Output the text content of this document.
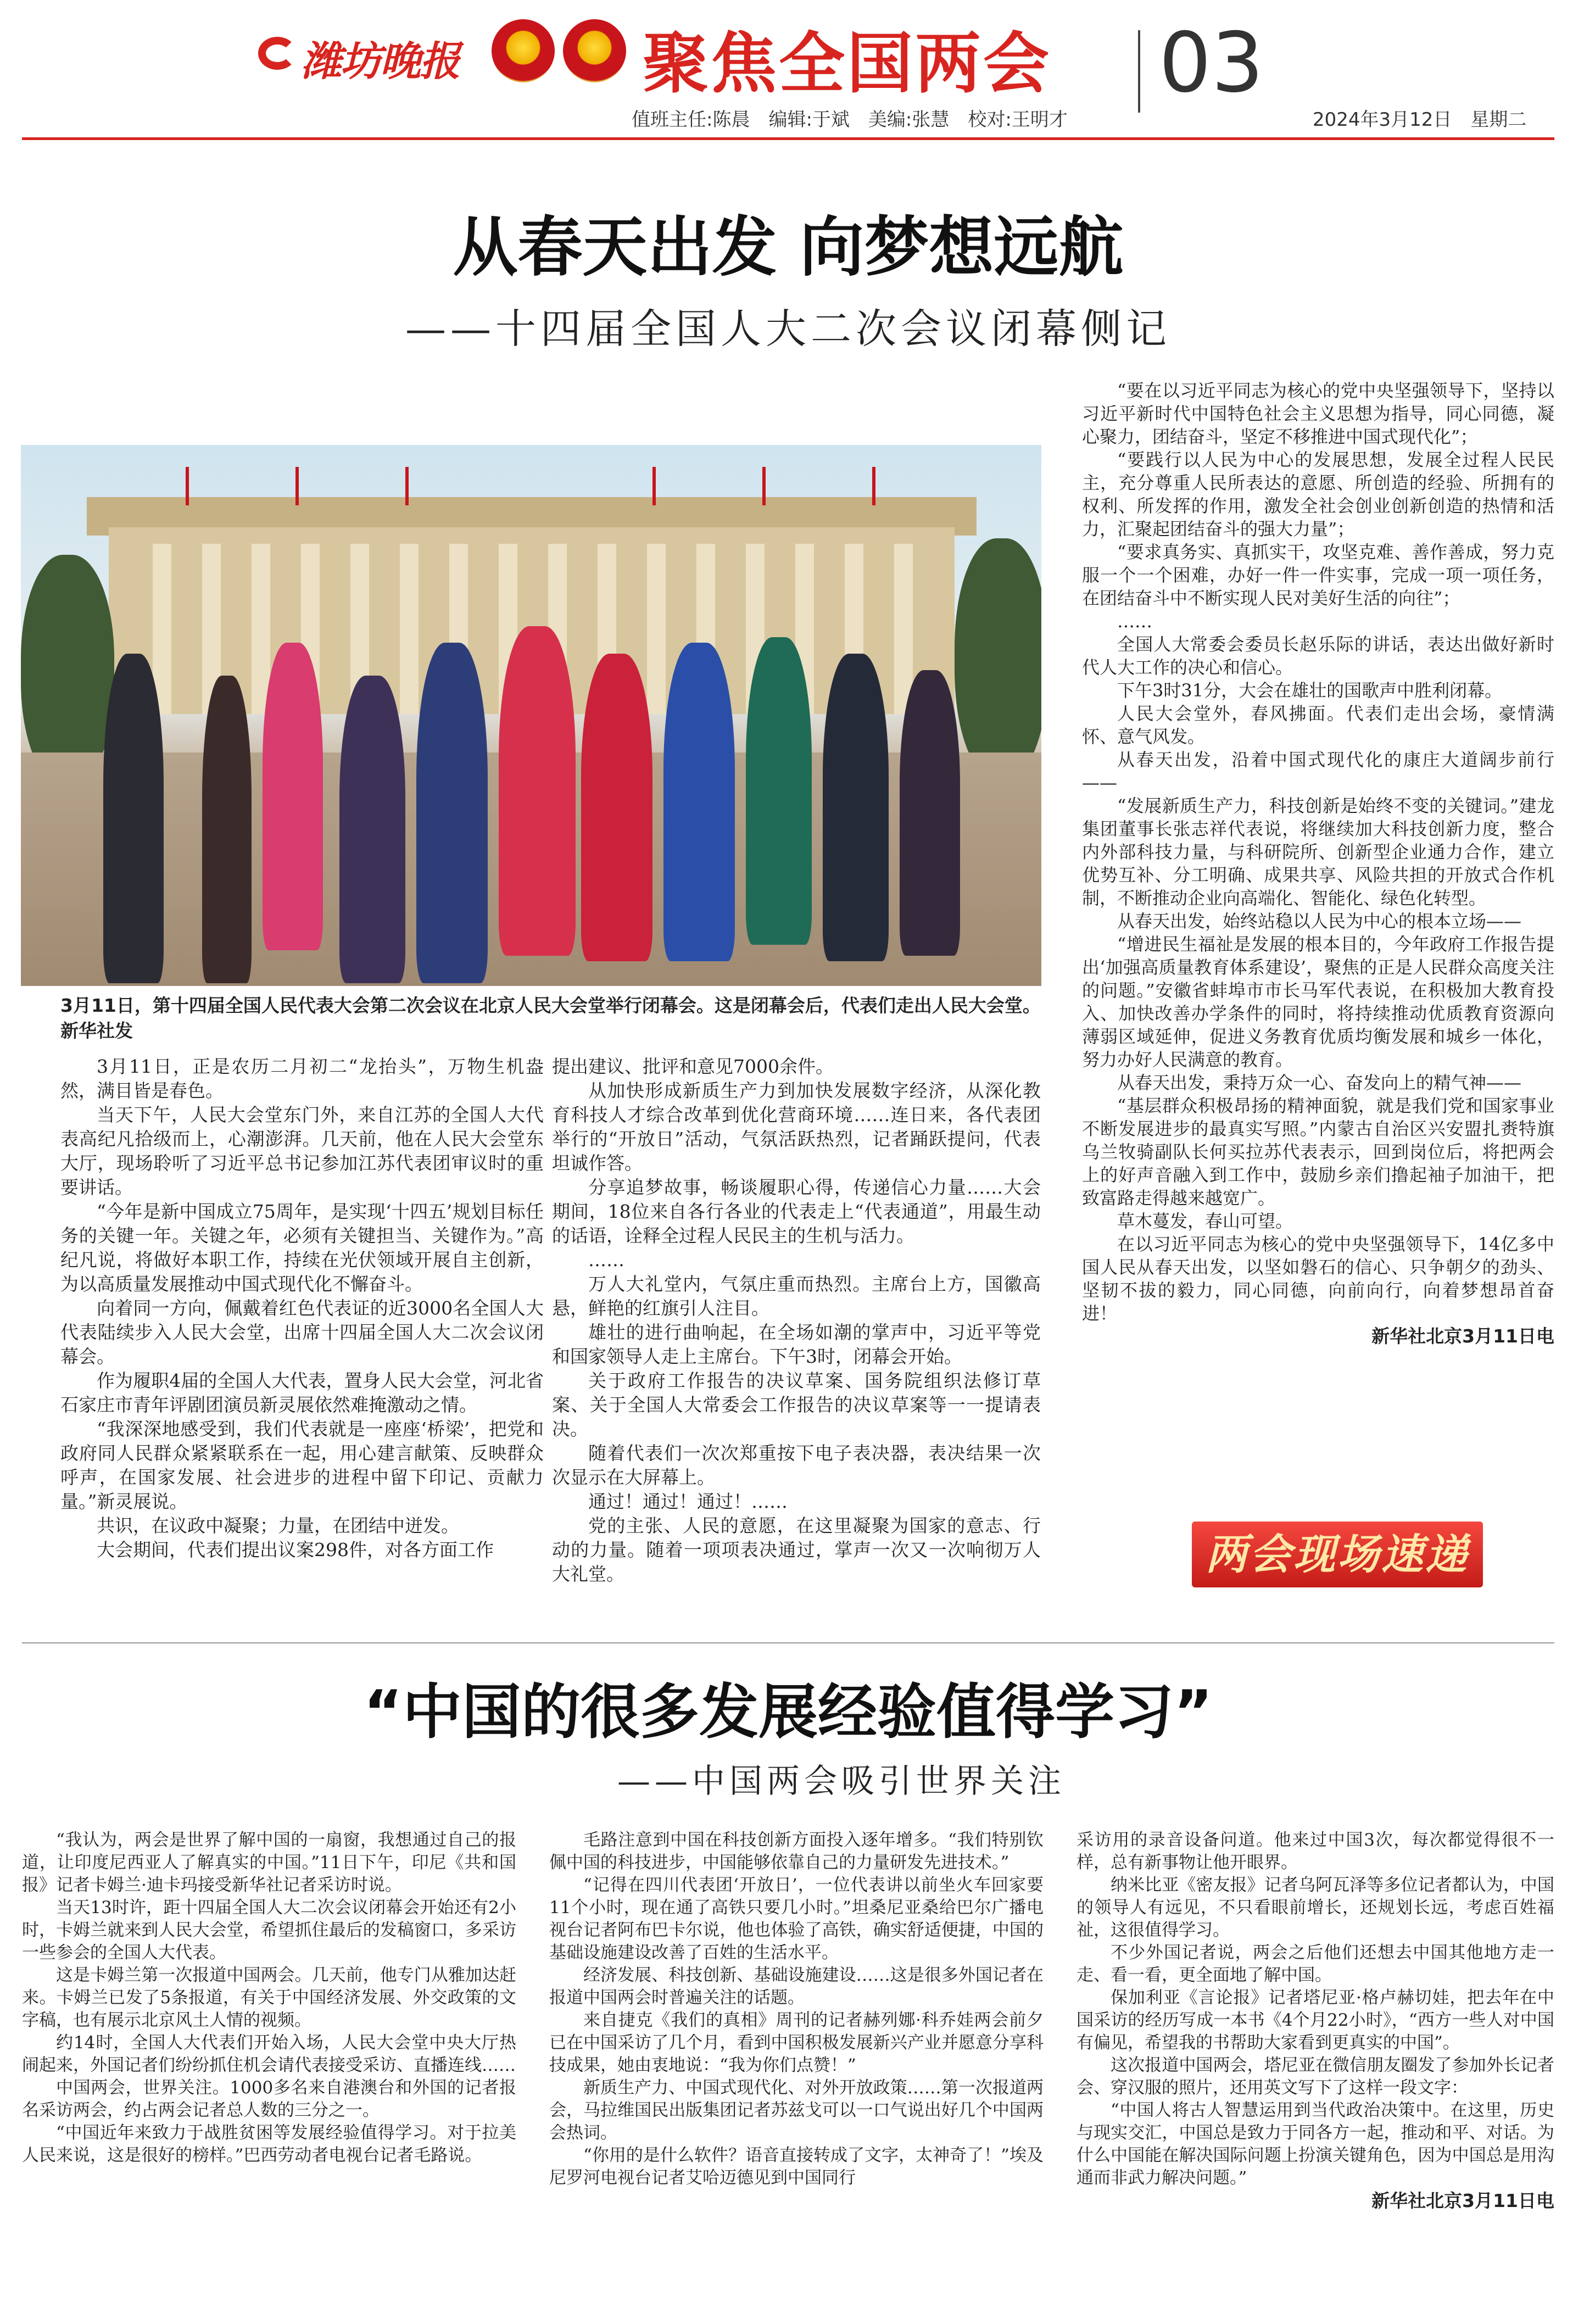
潍坊晚报	聚焦全国两会 03
值班主任:陈晨　编辑:于斌　美编:张慧　校对:王明才	2024年3月12日　星期二
从春天出发 向梦想远航
——十四届全国人大二次会议闭幕侧记
3月11日，第十四届全国人民代表大会第二次会议在北京人民大会堂举行闭幕会。这是闭幕会后，代表们走出人民大会堂。　新华社发

3月11日，正是农历二月初二“龙抬头”，万物生机盎然，满目皆是春色。

当天下午，人民大会堂东门外，来自江苏的全国人大代表高纪凡拾级而上，心潮澎湃。几天前，他在人民大会堂东大厅，现场聆听了习近平总书记参加江苏代表团审议时的重要讲话。

“今年是新中国成立75周年，是实现‘十四五’规划目标任务的关键一年。关键之年，必须有关键担当、关键作为。”高纪凡说，将做好本职工作，持续在光伏领域开展自主创新，为以高质量发展推动中国式现代化不懈奋斗。

向着同一方向，佩戴着红色代表证的近3000名全国人大代表陆续步入人民大会堂，出席十四届全国人大二次会议闭幕会。

作为履职4届的全国人大代表，置身人民大会堂，河北省石家庄市青年评剧团演员新灵展依然难掩激动之情。

“我深深地感受到，我们代表就是一座座‘桥梁’，把党和政府同人民群众紧紧联系在一起，用心建言献策、反映群众呼声，在国家发展、社会进步的进程中留下印记、贡献力量。”新灵展说。

共识，在议政中凝聚；力量，在团结中迸发。

大会期间，代表们提出议案298件，对各方面工作

提出建议、批评和意见7000余件。

从加快形成新质生产力到加快发展数字经济，从深化教育科技人才综合改革到优化营商环境……连日来，各代表团举行的“开放日”活动，气氛活跃热烈，记者踊跃提问，代表坦诚作答。

分享追梦故事，畅谈履职心得，传递信心力量……大会期间，18位来自各行各业的代表走上“代表通道”，用最生动的话语，诠释全过程人民民主的生机与活力。

……

万人大礼堂内，气氛庄重而热烈。主席台上方，国徽高悬，鲜艳的红旗引人注目。

雄壮的进行曲响起，在全场如潮的掌声中，习近平等党和国家领导人走上主席台。下午3时，闭幕会开始。

关于政府工作报告的决议草案、国务院组织法修订草案、关于全国人大常委会工作报告的决议草案等一一提请表决。

随着代表们一次次郑重按下电子表决器，表决结果一次次显示在大屏幕上。

通过！通过！通过！……

党的主张、人民的意愿，在这里凝聚为国家的意志、行动的力量。随着一项项表决通过，掌声一次又一次响彻万人大礼堂。

“要在以习近平同志为核心的党中央坚强领导下，坚持以习近平新时代中国特色社会主义思想为指导，同心同德，凝心聚力，团结奋斗，坚定不移推进中国式现代化”；

“要践行以人民为中心的发展思想，发展全过程人民民主，充分尊重人民所表达的意愿、所创造的经验、所拥有的权利、所发挥的作用，激发全社会创业创新创造的热情和活力，汇聚起团结奋斗的强大力量”；

“要求真务实、真抓实干，攻坚克难、善作善成，努力克服一个一个困难，办好一件一件实事，完成一项一项任务，在团结奋斗中不断实现人民对美好生活的向往”；

……

全国人大常委会委员长赵乐际的讲话，表达出做好新时代人大工作的决心和信心。

下午3时31分，大会在雄壮的国歌声中胜利闭幕。

人民大会堂外，春风拂面。代表们走出会场，豪情满怀、意气风发。

从春天出发，沿着中国式现代化的康庄大道阔步前行——

“发展新质生产力，科技创新是始终不变的关键词。”建龙集团董事长张志祥代表说，将继续加大科技创新力度，整合内外部科技力量，与科研院所、创新型企业通力合作，建立优势互补、分工明确、成果共享、风险共担的开放式合作机制，不断推动企业向高端化、智能化、绿色化转型。

从春天出发，始终站稳以人民为中心的根本立场——

“增进民生福祉是发展的根本目的，今年政府工作报告提出‘加强高质量教育体系建设’，聚焦的正是人民群众高度关注的问题。”安徽省蚌埠市市长马军代表说，在积极加大教育投入、加快改善办学条件的同时，将持续推动优质教育资源向薄弱区域延伸，促进义务教育优质均衡发展和城乡一体化，努力办好人民满意的教育。

从春天出发，秉持万众一心、奋发向上的精气神——

“基层群众积极昂扬的精神面貌，就是我们党和国家事业不断发展进步的最真实写照。”内蒙古自治区兴安盟扎赉特旗乌兰牧骑副队长何买拉苏代表表示，回到岗位后，将把两会上的好声音融入到工作中，鼓励乡亲们撸起袖子加油干，把致富路走得越来越宽广。

草木蔓发，春山可望。

在以习近平同志为核心的党中央坚强领导下，14亿多中国人民从春天出发，以坚如磐石的信心、只争朝夕的劲头、坚韧不拔的毅力，同心同德，向前向行，向着梦想昂首奋进！

新华社北京3月11日电

两会现场速递
“中国的很多发展经验值得学习”
——中国两会吸引世界关注

“我认为，两会是世界了解中国的一扇窗，我想通过自己的报道，让印度尼西亚人了解真实的中国。”11日下午，印尼《共和国报》记者卡姆兰·迪卡玛接受新华社记者采访时说。

当天13时许，距十四届全国人大二次会议闭幕会开始还有2小时，卡姆兰就来到人民大会堂，希望抓住最后的发稿窗口，多采访一些参会的全国人大代表。

这是卡姆兰第一次报道中国两会。几天前，他专门从雅加达赶来。卡姆兰已发了5条报道，有关于中国经济发展、外交政策的文字稿，也有展示北京风土人情的视频。

约14时，全国人大代表们开始入场，人民大会堂中央大厅热闹起来，外国记者们纷纷抓住机会请代表接受采访、直播连线……

中国两会，世界关注。1000多名来自港澳台和外国的记者报名采访两会，约占两会记者总人数的三分之一。

“中国近年来致力于战胜贫困等发展经验值得学习。对于拉美人民来说，这是很好的榜样。”巴西劳动者电视台记者毛路说。

毛路注意到中国在科技创新方面投入逐年增多。“我们特别钦佩中国的科技进步，中国能够依靠自己的力量研发先进技术。”

“记得在四川代表团‘开放日’，一位代表讲以前坐火车回家要11个小时，现在通了高铁只要几小时。”坦桑尼亚桑给巴尔广播电视台记者阿布巴卡尔说，他也体验了高铁，确实舒适便捷，中国的基础设施建设改善了百姓的生活水平。

经济发展、科技创新、基础设施建设……这是很多外国记者在报道中国两会时普遍关注的话题。

来自捷克《我们的真相》周刊的记者赫列娜·科乔娃两会前夕已在中国采访了几个月，看到中国积极发展新兴产业并愿意分享科技成果，她由衷地说：“我为你们点赞！”

新质生产力、中国式现代化、对外开放政策……第一次报道两会，马拉维国民出版集团记者苏兹戈可以一口气说出好几个中国两会热词。

“你用的是什么软件？语音直接转成了文字，太神奇了！”埃及尼罗河电视台记者艾哈迈德见到中国同行

采访用的录音设备问道。他来过中国3次，每次都觉得很不一样，总有新事物让他开眼界。

纳米比亚《密友报》记者乌阿瓦泽等多位记者都认为，中国的领导人有远见，不只看眼前增长，还规划长远，考虑百姓福祉，这很值得学习。

不少外国记者说，两会之后他们还想去中国其他地方走一走、看一看，更全面地了解中国。

保加利亚《言论报》记者塔尼亚·格卢赫切娃，把去年在中国采访的经历写成一本书《4个月22小时》，“西方一些人对中国有偏见，希望我的书帮助大家看到更真实的中国”。

这次报道中国两会，塔尼亚在微信朋友圈发了参加外长记者会、穿汉服的照片，还用英文写下了这样一段文字：

“中国人将古人智慧运用到当代政治决策中。在这里，历史与现实交汇，中国总是致力于同各方一起，推动和平、对话。为什么中国能在解决国际问题上扮演关键角色，因为中国总是用沟通而非武力解决问题。”

新华社北京3月11日电
